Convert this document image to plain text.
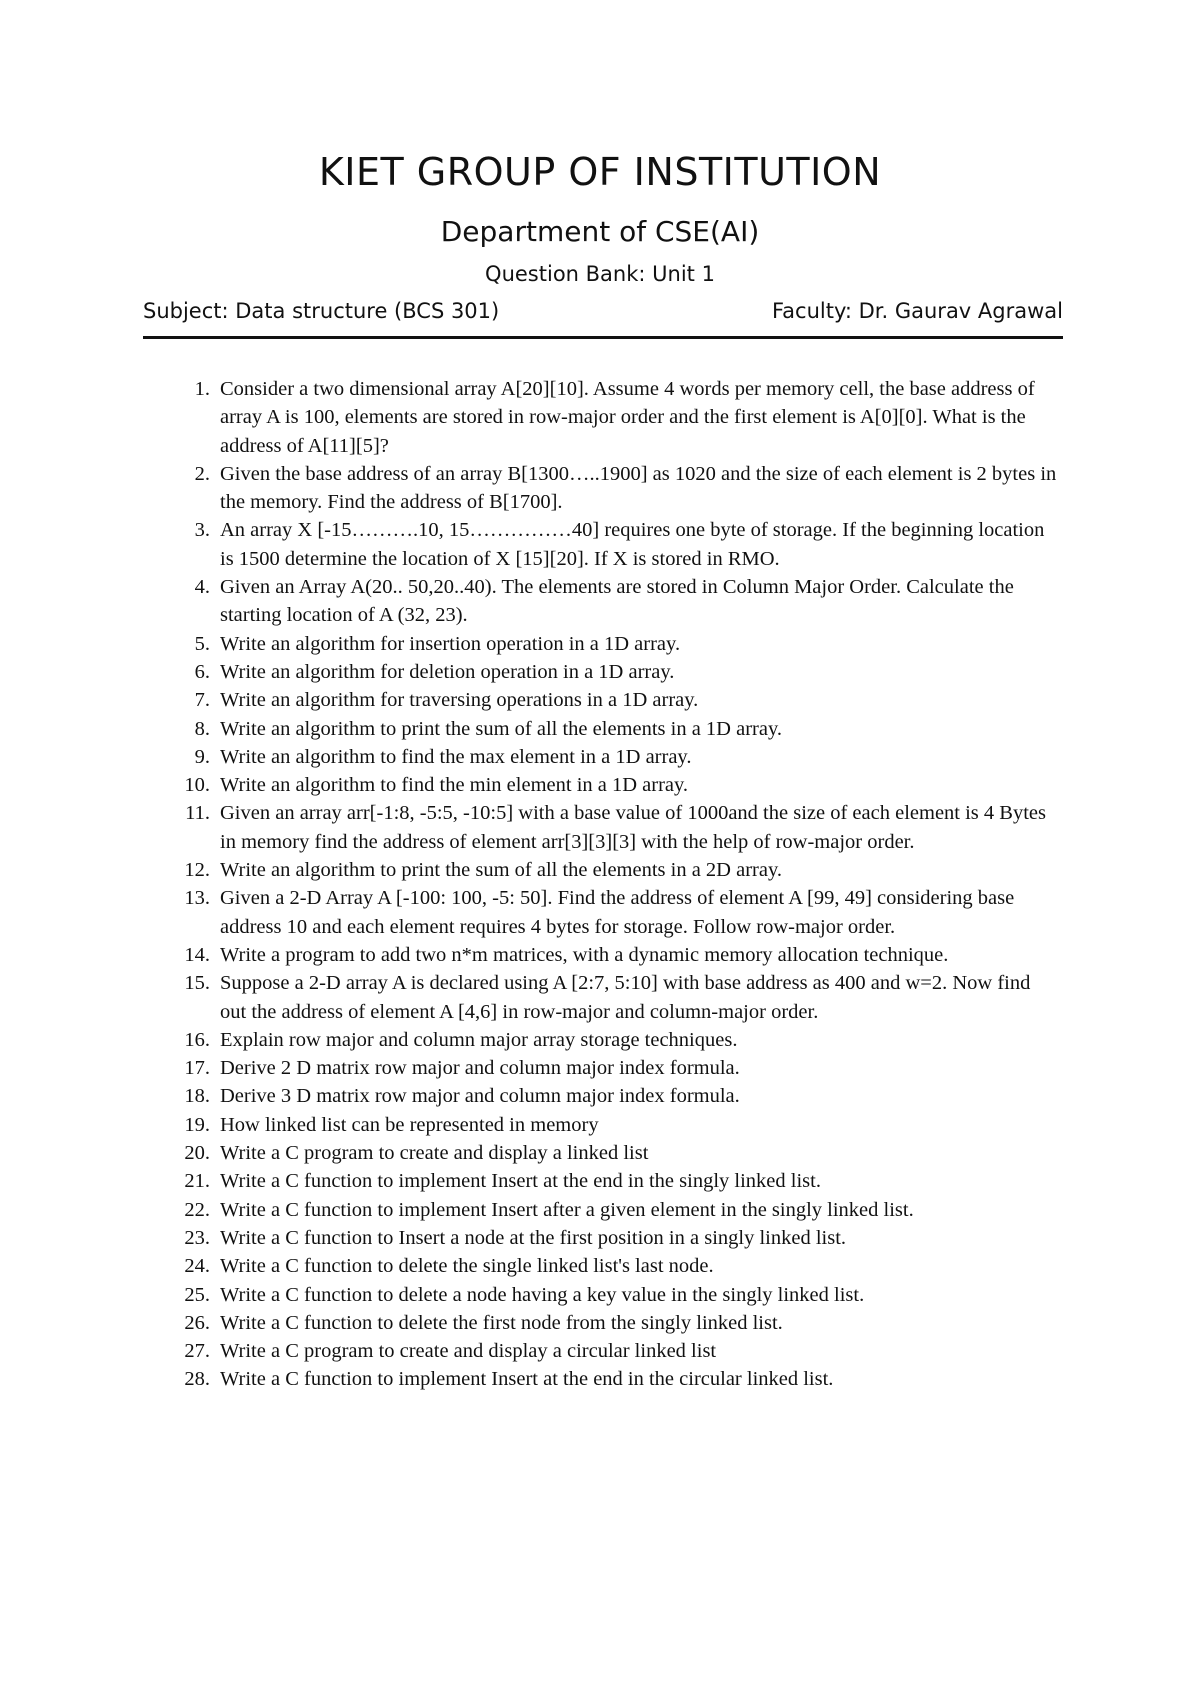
KIET GROUP OF INSTITUTION
Department of CSE(AI)
Question Bank: Unit 1
Subject: Data structure (BCS 301)	Faculty: Dr. Gaurav Agrawal
1. Consider a two dimensional array A[20][10]. Assume 4 words per memory cell, the base address of array A is 100, elements are stored in row-major order and the first element is A[0][0]. What is the address of A[11][5]?
2. Given the base address of an array B[1300…..1900] as 1020 and the size of each element is 2 bytes in the memory. Find the address of B[1700].
3. An array X [-15……….10, 15……………40] requires one byte of storage. If the beginning location is 1500 determine the location of X [15][20]. If X is stored in RMO.
4. Given an Array A(20.. 50,20..40). The elements are stored in Column Major Order. Calculate the starting location of A (32, 23).
5. Write an algorithm for insertion operation in a 1D array.
6. Write an algorithm for deletion operation in a 1D array.
7. Write an algorithm for traversing operations in a 1D array.
8. Write an algorithm to print the sum of all the elements in a 1D array.
9. Write an algorithm to find the max element in a 1D array.
10. Write an algorithm to find the min element in a 1D array.
11. Given an array arr[-1:8, -5:5, -10:5] with a base value of 1000and the size of each element is 4 Bytes in memory find the address of element arr[3][3][3] with the help of row-major order.
12. Write an algorithm to print the sum of all the elements in a 2D array.
13. Given a 2-D Array A [-100: 100, -5: 50]. Find the address of element A [99, 49] considering base address 10 and each element requires 4 bytes for storage. Follow row-major order.
14. Write a program to add two n*m matrices, with a dynamic memory allocation technique.
15. Suppose a 2-D array A is declared using A [2:7, 5:10] with base address as 400 and w=2. Now find out the address of element A [4,6] in row-major and column-major order.
16. Explain row major and column major array storage techniques.
17. Derive 2 D matrix row major and column major index formula.
18. Derive 3 D matrix row major and column major index formula.
19. How linked list can be represented in memory
20. Write a C program to create and display a linked list
21. Write a C function to implement Insert at the end in the singly linked list.
22. Write a C function to implement Insert after a given element in the singly linked list.
23. Write a C function to Insert a node at the first position in a singly linked list.
24. Write a C function to delete the single linked list's last node.
25. Write a C function to delete a node having a key value in the singly linked list.
26. Write a C function to delete the first node from the singly linked list.
27. Write a C program to create and display a circular linked list
28. Write a C function to implement Insert at the end in the circular linked list.
